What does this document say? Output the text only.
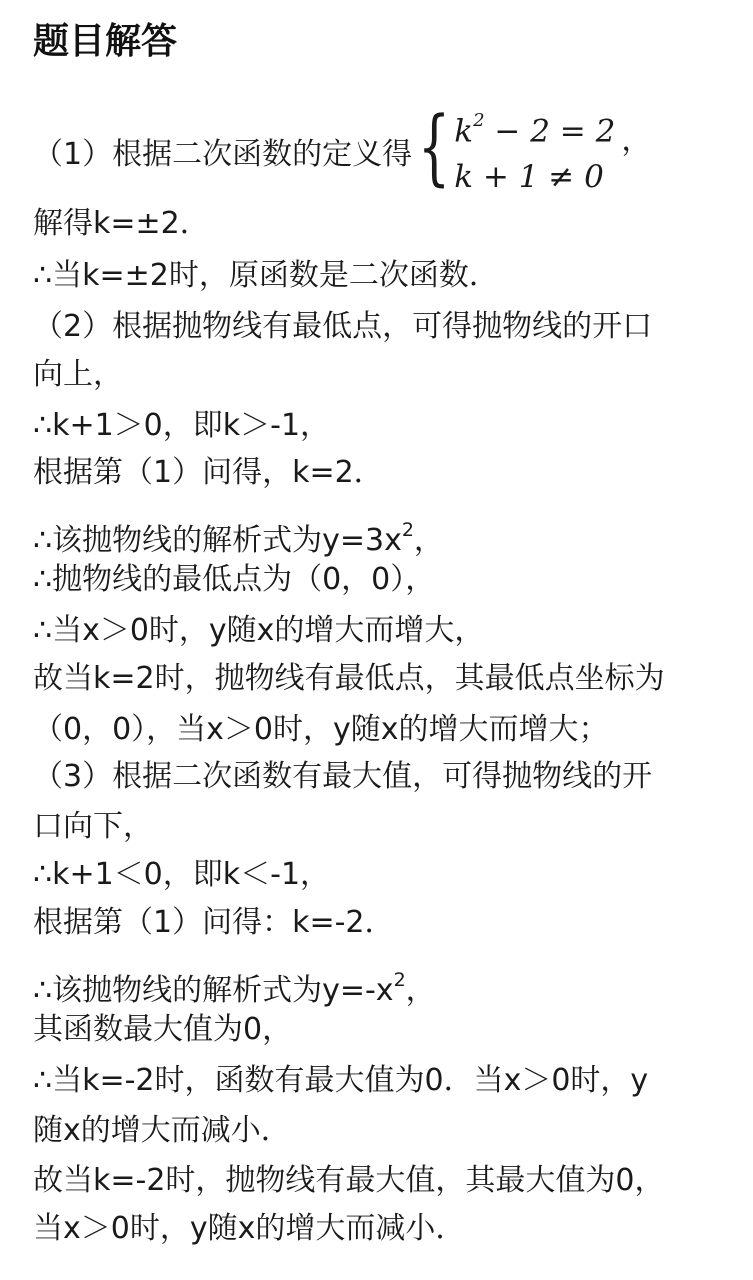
题目解答
（1）根据二次函数的定义得 { $k^2 - 2 = 2$
k + 1 ≠ 0
，
解得k=±2．
∴当k=±2时，原函数是二次函数．
（2）根据抛物线有最低点，可得抛物线的开口
向上，
∴k+1＞0，即k＞-1，
根据第（1）问得，k=2．
∴该抛物线的解析式为$y=3x^2$，
∴抛物线的最低点为（0，0），
∴当x＞0时，y随x的增大而增大，
故当k=2时，抛物线有最低点，其最低点坐标为
（0，0），当x＞0时，y随x的增大而增大；
（3）根据二次函数有最大值，可得抛物线的开
口向下，
∴k+1＜0，即k＜-1，
根据第（1）问得：k=-2．
∴该抛物线的解析式为$y=-x^2$，
其函数最大值为0，
∴当k=-2时，函数有最大值为0．当x＞0时，y
随x的增大而减小．
故当k=-2时，抛物线有最大值，其最大值为0，
当x＞0时，y随x的增大而减小．
